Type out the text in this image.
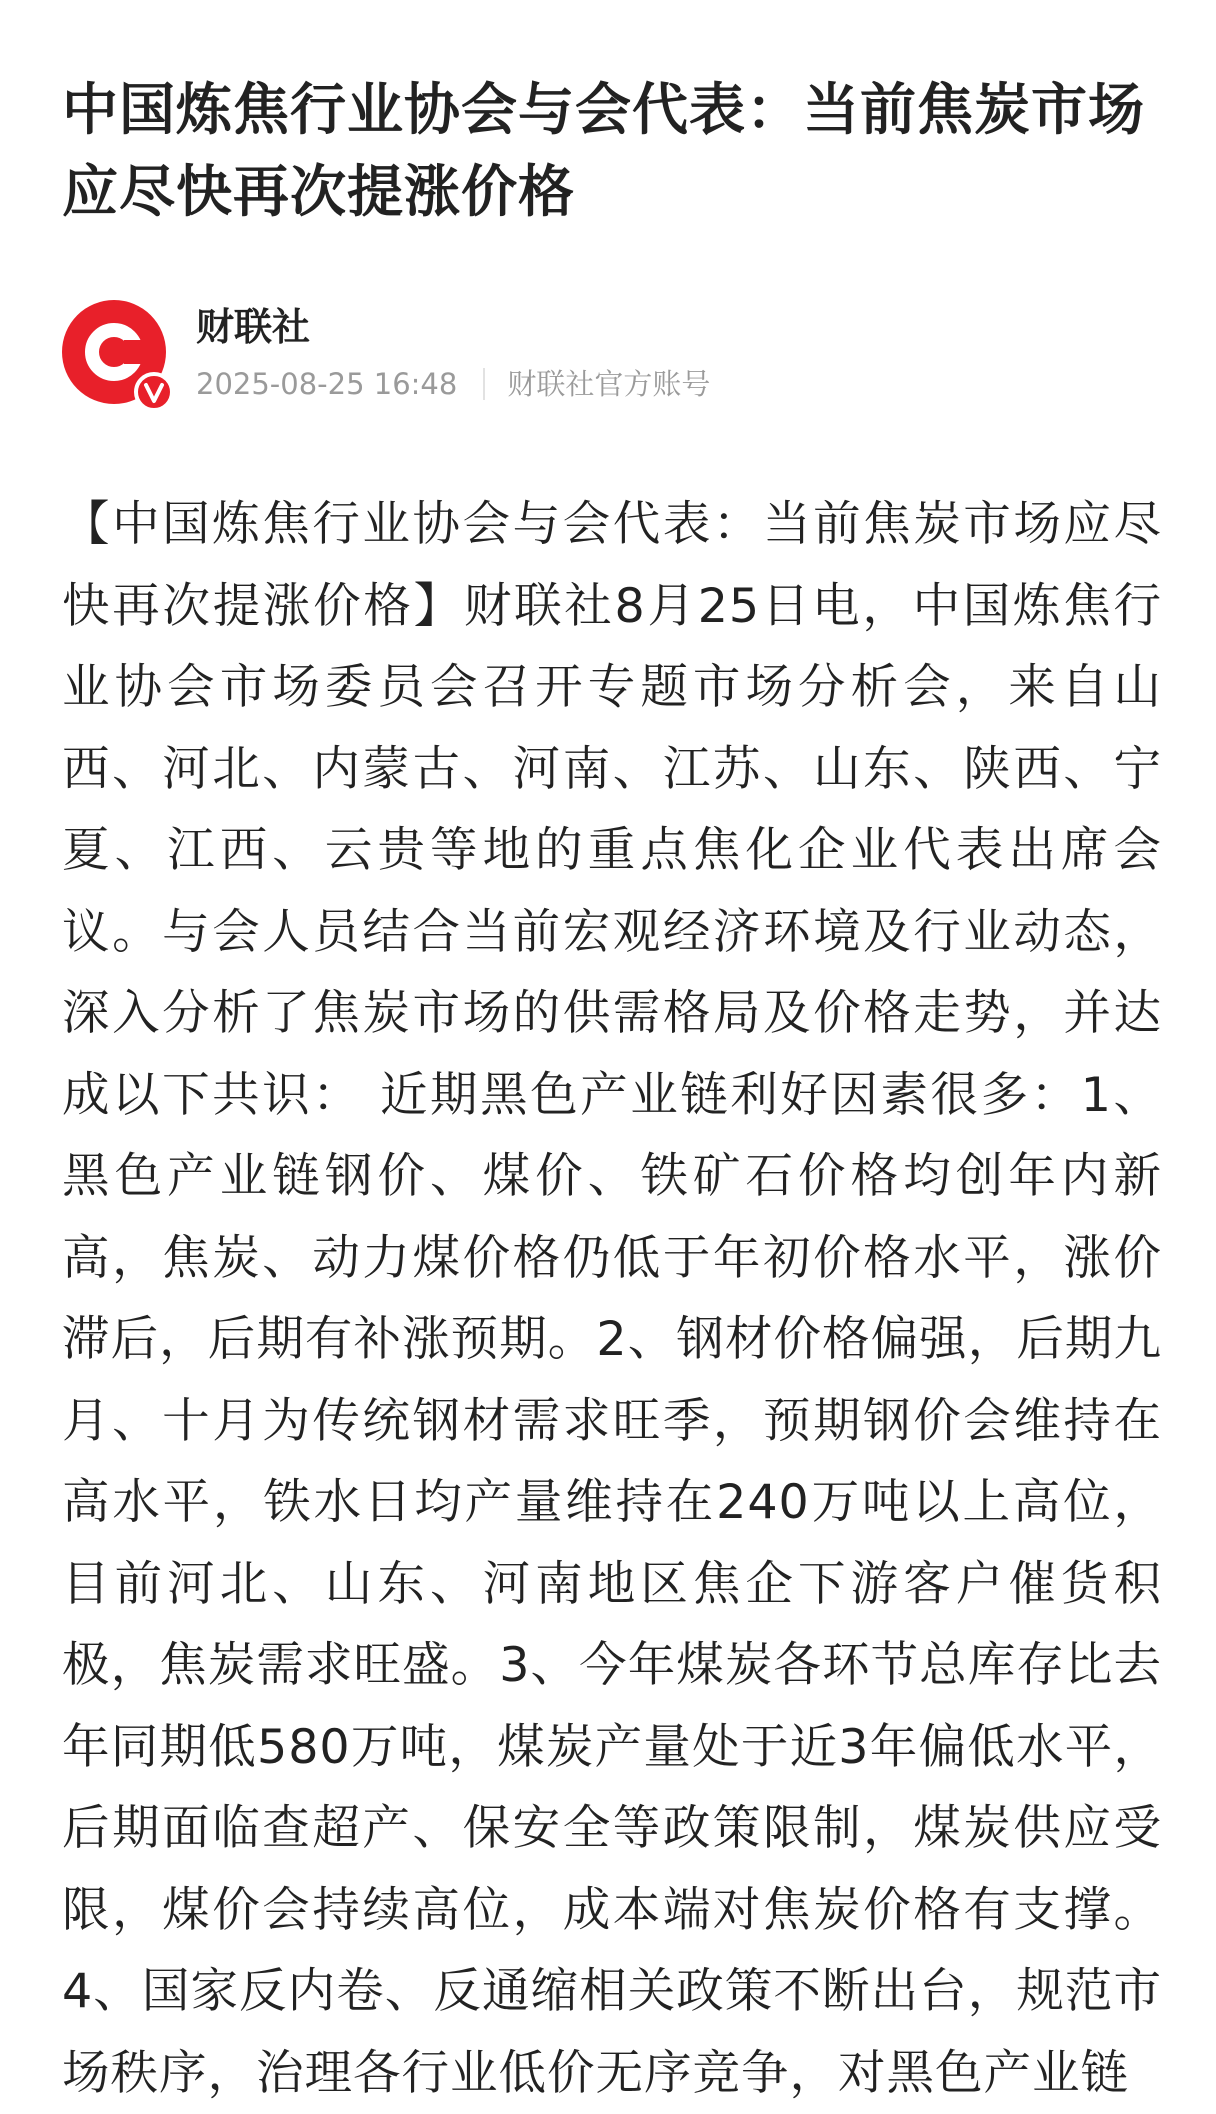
中国炼焦行业协会与会代表：当前焦炭市场应尽快再次提涨价格
财联社
2025-08-25 16:48 财联社官方账号

【中国炼焦行业协会与会代表：当前焦炭市场应尽快再次提涨价格】财联社8月25日电，中国炼焦行业协会市场委员会召开专题市场分析会，来自山西、河北、内蒙古、河南、江苏、山东、陕西、宁夏、江西、云贵等地的重点焦化企业代表出席会议。与会人员结合当前宏观经济环境及行业动态，深入分析了焦炭市场的供需格局及价格走势，并达成以下共识： 近期黑色产业链利好因素很多：1、黑色产业链钢价、煤价、铁矿石价格均创年内新高，焦炭、动力煤价格仍低于年初价格水平，涨价滞后，后期有补涨预期。2、钢材价格偏强，后期九月、十月为传统钢材需求旺季，预期钢价会维持在高水平，铁水日均产量维持在240万吨以上高位，目前河北、山东、河南地区焦企下游客户催货积极，焦炭需求旺盛。3、今年煤炭各环节总库存比去年同期低580万吨，煤炭产量处于近3年偏低水平，后期面临查超产、保安全等政策限制，煤炭供应受限，煤价会持续高位，成本端对焦炭价格有支撑。4、国家反内卷、反通缩相关政策不断出台，规范市场秩序，治理各行业低价无序竞争，对黑色产业链
